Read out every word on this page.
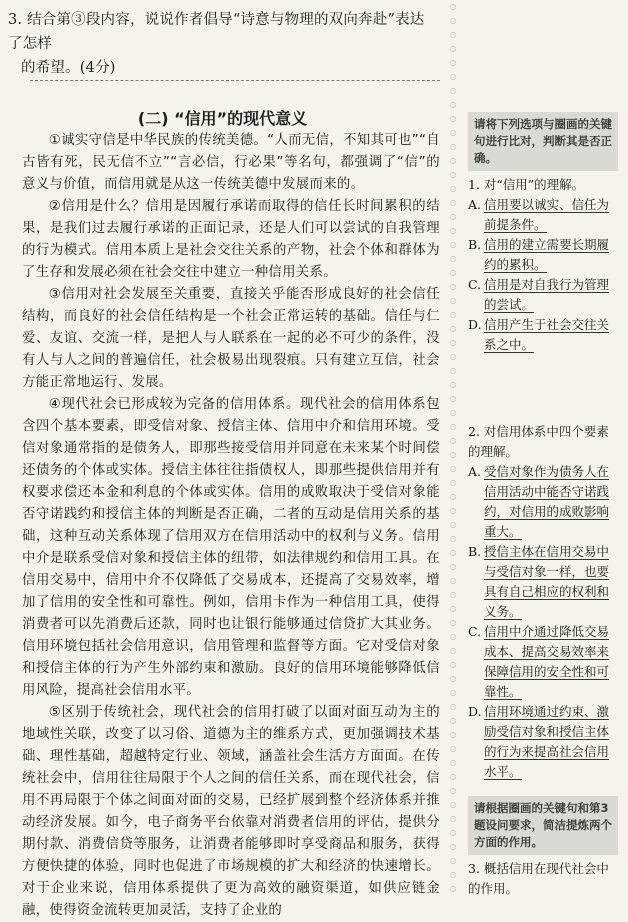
3. 结合第③段内容，说说作者倡导“诗意与物理的双向奔赴”表达了怎样
的希望。(4分)
(二) “信用”的现代意义

①诚实守信是中华民族的传统美德。“人而无信，不知其可也”“自古皆有死，民无信不立”“言必信，行必果”等名句，都强调了“信”的意义与价值，而信用就是从这一传统美德中发展而来的。

②信用是什么？信用是因履行承诺而取得的信任长时间累积的结果，是我们过去履行承诺的正面记录，还是人们可以尝试的自我管理的行为模式。信用本质上是社会交往关系的产物，社会个体和群体为了生存和发展必须在社会交往中建立一种信用关系。

③信用对社会发展至关重要，直接关乎能否形成良好的社会信任结构，而良好的社会信任结构是一个社会正常运转的基础。信任与仁爱、友谊、交流一样，是把人与人联系在一起的必不可少的条件，没有人与人之间的普遍信任，社会极易出现裂痕。只有建立互信，社会方能正常地运行、发展。

④现代社会已形成较为完备的信用体系。现代社会的信用体系包含四个基本要素，即受信对象、授信主体、信用中介和信用环境。受信对象通常指的是债务人，即那些接受信用并同意在未来某个时间偿还债务的个体或实体。授信主体往往指债权人，即那些提供信用并有权要求偿还本金和利息的个体或实体。信用的成败取决于受信对象能否守诺践约和授信主体的判断是否正确，二者的互动是信用关系的基础，这种互动关系体现了信用双方在信用活动中的权利与义务。信用中介是联系受信对象和授信主体的纽带，如法律规约和信用工具。在信用交易中，信用中介不仅降低了交易成本，还提高了交易效率，增加了信用的安全性和可靠性。例如，信用卡作为一种信用工具，使得消费者可以先消费后还款，同时也让银行能够通过信贷扩大其业务。信用环境包括社会信用意识，信用管理和监督等方面。它对受信对象和授信主体的行为产生外部约束和激励。良好的信用环境能够降低信用风险，提高社会信用水平。

⑤区别于传统社会，现代社会的信用打破了以面对面互动为主的地域性关联，改变了以习俗、道德为主的维系方式，更加强调技术基础、理性基础，超越特定行业、领域，涵盖社会生活方方面面。在传统社会中，信用往往局限于个人之间的信任关系，而在现代社会，信用不再局限于个体之间面对面的交易，已经扩展到整个经济体系并推动经济发展。如今，电子商务平台依靠对消费者信用的评估，提供分期付款、消费信贷等服务，让消费者能够即时享受商品和服务，获得方便快捷的体验，同时也促进了市场规模的扩大和经济的快速增长。对于企业来说，信用体系提供了更为高效的融资渠道，如供应链金融，使得资金流转更加灵活，支持了企业的

请将下列选项与圈画的关键句进行比对，判断其是否正确。
1. 对“信用”的理解。
A. 信用要以诚实、信任为前提条件。
B. 信用的建立需要长期履约的累积。
C. 信用是对自我行为管理的尝试。
D. 信用产生于社会交往关系之中。
2. 对信用体系中四个要素的理解。
A. 受信对象作为债务人在信用活动中能否守诺践约，对信用的成败影响重大。
B. 授信主体在信用交易中与受信对象一样，也要具有自己相应的权利和义务。
C. 信用中介通过降低交易成本、提高交易效率来保障信用的安全性和可靠性。
D. 信用环境通过约束、激励受信对象和授信主体的行为来提高社会信用水平。
请根据圈画的关键句和第3题设问要求，简洁提炼两个方面的作用。
3. 概括信用在现代社会中的作用。
